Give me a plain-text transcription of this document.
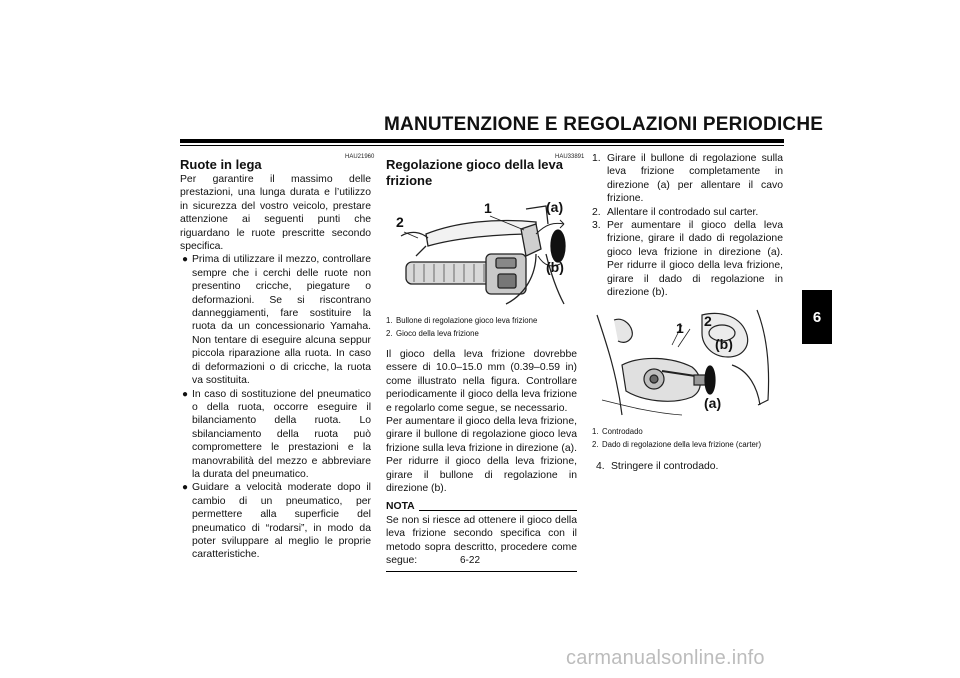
MANUTENZIONE E REGOLAZIONI PERIODICHE
6
HAU21960
Ruote in lega

Per garantire il massimo delle prestazioni, una lunga durata e l’utilizzo in sicurezza del vostro veicolo, prestare attenzione ai seguenti punti che riguardano le ruote prescritte secondo specifica.

● Prima di utilizzare il mezzo, controllare sempre che i cerchi delle ruote non presentino cricche, piegature o deformazioni. Se si riscontrano danneggiamenti, fare sostituire la ruota da un concessionario Yamaha. Non tentare di eseguire alcuna seppur piccola riparazione alla ruota. In caso di deformazioni o di cricche, la ruota va sostituita.
● In caso di sostituzione del pneumatico o della ruota, occorre eseguire il bilanciamento della ruota. Lo sbilanciamento della ruota può compromettere le prestazioni e la manovrabilità del mezzo e abbreviare la durata del pneumatico.
● Guidare a velocità moderate dopo il cambio di un pneumatico, per permettere alla superficie del pneumatico di “rodarsi”, in modo da poter sviluppare al meglio le proprie caratteristiche.
HAU33891
Regolazione gioco della leva frizione
1
2
(a)
(b)
1. Bullone di regolazione gioco leva frizione
2. Gioco della leva frizione

Il gioco della leva frizione dovrebbe essere di 10.0–15.0 mm (0.39–0.59 in) come illustrato nella figura. Controllare periodicamente il gioco della leva frizione e regolarlo come segue, se necessario.

Per aumentare il gioco della leva frizione, girare il bullone di regolazione gioco leva frizione sulla leva frizione in direzione (a). Per ridurre il gioco della leva frizione, girare il bullone di regolazione in direzione (b).

NOTA

Se non si riesce ad ottenere il gioco della leva frizione secondo specifica con il metodo sopra descritto, procedere come segue:

1. Girare il bullone di regolazione sulla leva frizione completamente in direzione (a) per allentare il cavo frizione.
2. Allentare il controdado sul carter.
3. Per aumentare il gioco della leva frizione, girare il dado di regolazione gioco leva frizione in direzione (a). Per ridurre il gioco della leva frizione, girare il dado di regolazione in direzione (b).
1 2
(b)
(a)
1. Controdado
2. Dado di regolazione della leva frizione (carter)
4. Stringere il controdado.
6-22
carmanualsonline.info
